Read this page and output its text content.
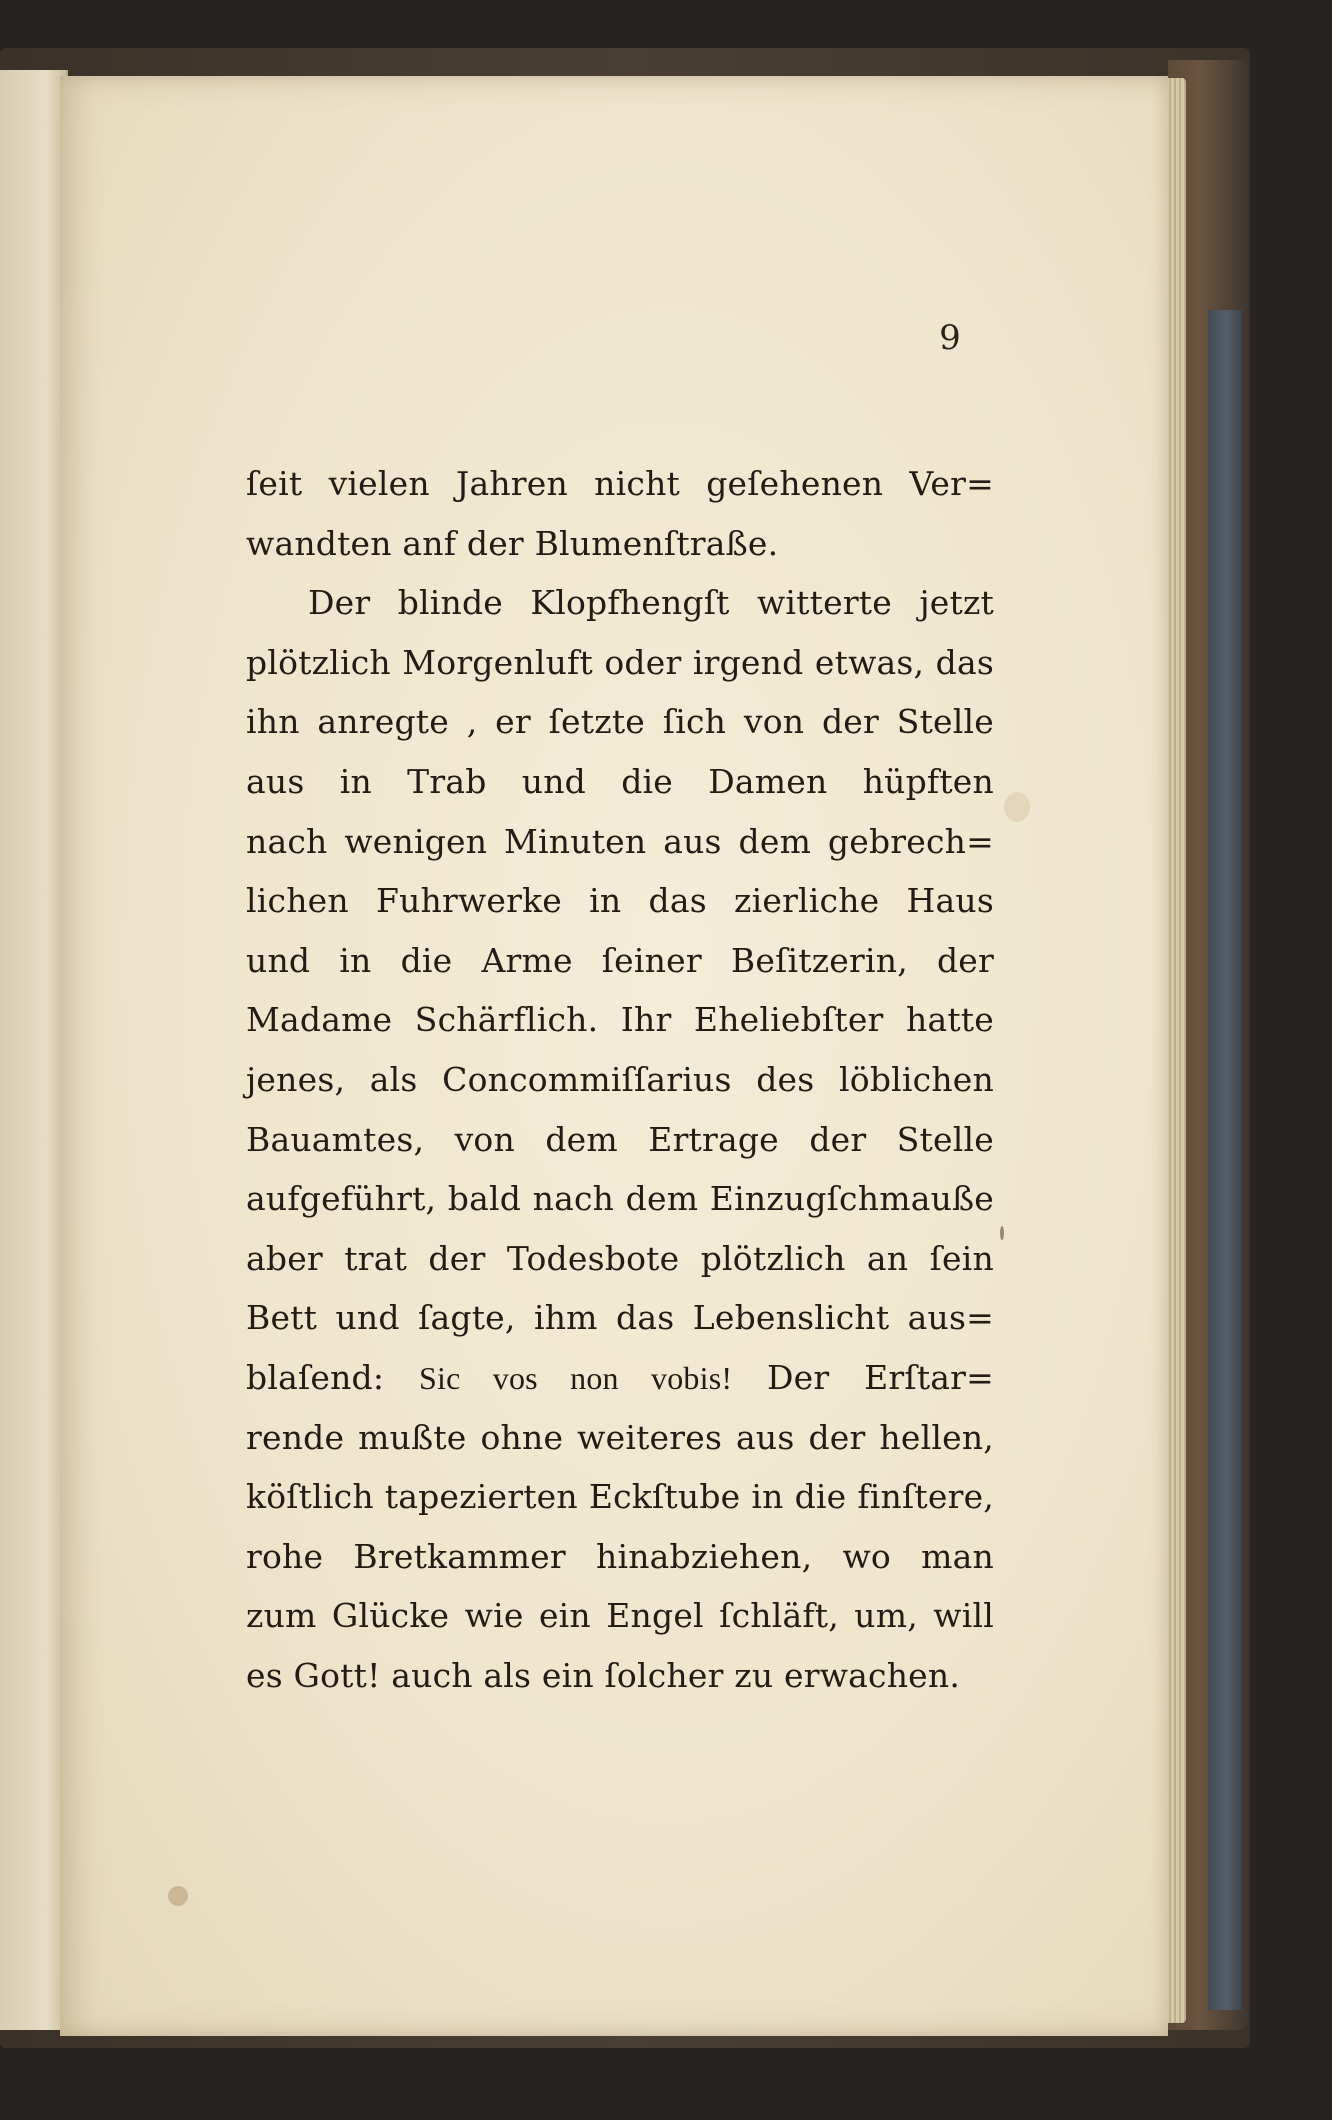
9
ſeit vielen Jahren nicht geſehenen Ver=
wandten anf der Blumenſtraße.
Der blinde Klopfhengſt witterte jetzt
plötzlich Morgenluft oder irgend etwas, das
ihn anregte , er ſetzte ſich von der Stelle
aus in Trab und die Damen hüpften
nach wenigen Minuten aus dem gebrech=
lichen Fuhrwerke in das zierliche Haus
und in die Arme ſeiner Beſitzerin, der
Madame Schärflich. Ihr Eheliebſter hatte
jenes, als Concommiſſarius des löblichen
Bauamtes, von dem Ertrage der Stelle
aufgeführt, bald nach dem Einzugſchmauße
aber trat der Todesbote plötzlich an ſein
Bett und ſagte, ihm das Lebenslicht aus=
blaſend: Sic vos non vobis! Der Erſtar=
rende mußte ohne weiteres aus der hellen,
köſtlich tapezierten Eckſtube in die finſtere,
rohe Bretkammer hinabziehen, wo man
zum Glücke wie ein Engel ſchläft, um, will
es Gott! auch als ein ſolcher zu erwachen.
